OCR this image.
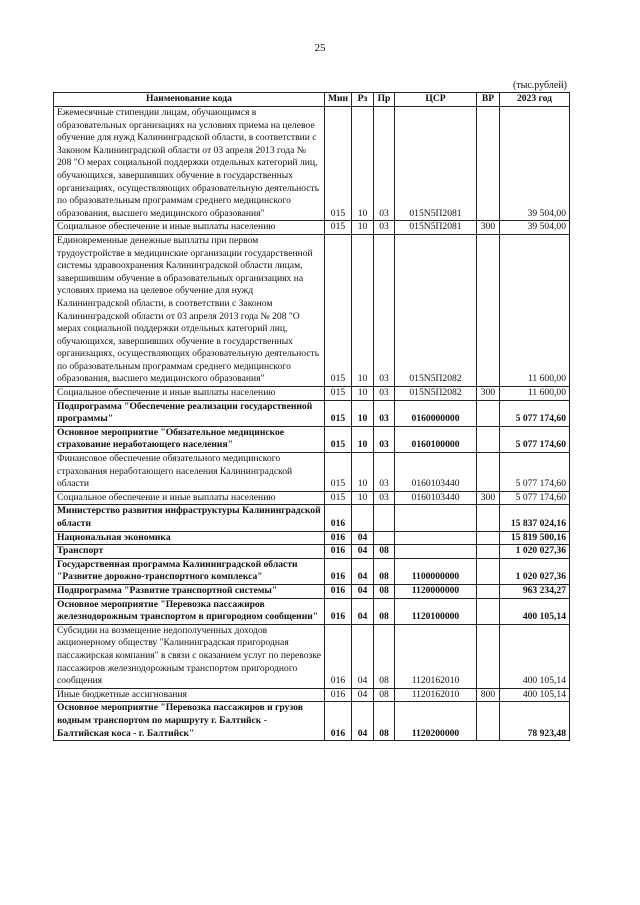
25
(тыс.рублей)
Наименование кода	Мин	Рз	Пр	ЦСР	ВР	2023 год
Ежемесячные стипендии лицам, обучающимся в образовательных организациях на условиях приема на целевое обучение для нужд Калининградской области, в соответствии с Законом Калининградской области от 03 апреля 2013 года № 208 "О мерах социальной поддержки отдельных категорий лиц, обучающихся, завершивших обучение в государственных организациях, осуществляющих образовательную деятельность по образовательным программам среднего медицинского образования, высшего медицинского образования"	015	10	03	015N5П2081		39 504,00
Социальное обеспечение и иные выплаты населению	015	10	03	015N5П2081	300	39 504,00
Единовременные денежные выплаты при первом трудоустройстве в медицинские организации государственной системы здравоохранения Калининградской области лицам, завершившим обучение в образовательных организациях на условиях приема на целевое обучение для нужд Калининградской области, в соответствии с Законом Калининградской области от 03 апреля 2013 года № 208 "О мерах социальной поддержки отдельных категорий лиц, обучающихся, завершивших обучение в государственных организациях, осуществляющих образовательную деятельность по образовательным программам среднего медицинского образования, высшего медицинского образования"	015	10	03	015N5П2082		11 600,00
Социальное обеспечение и иные выплаты населению	015	10	03	015N5П2082	300	11 600,00
Подпрограмма "Обеспечение реализации государственной программы"	015	10	03	0160000000		5 077 174,60
Основное мероприятие "Обязательное медицинское страхование неработающего населения"	015	10	03	0160100000		5 077 174,60
Финансовое обеспечение обязательного медицинского страхования неработающего населения Калининградской области	015	10	03	0160103440		5 077 174,60
Социальное обеспечение и иные выплаты населению	015	10	03	0160103440	300	5 077 174,60
Министерство развития инфраструктуры Калининградской области	016					15 837 024,16
Национальная экономика	016	04				15 819 500,16
Транспорт	016	04	08			1 020 027,36
Государственная программа Калининградской области "Развитие дорожно-транспортного комплекса"	016	04	08	1100000000		1 020 027,36
Подпрограмма "Развитие транспортной системы"	016	04	08	1120000000		963 234,27
Основное мероприятие "Перевозка пассажиров железнодорожным транспортом в пригородном сообщении"	016	04	08	1120100000		400 105,14
Субсидии на возмещение недополученных доходов акционерному обществу "Калининградская пригородная пассажирская компания" в связи с оказанием услуг по перевозке пассажиров железнодорожным транспортом пригородного сообщения	016	04	08	1120162010		400 105,14
Иные бюджетные ассигнования	016	04	08	1120162010	800	400 105,14
Основное мероприятие "Перевозка пассажиров и грузов водным транспортом по маршруту г. Балтийск - Балтийская коса - г. Балтийск"	016	04	08	1120200000		78 923,48
